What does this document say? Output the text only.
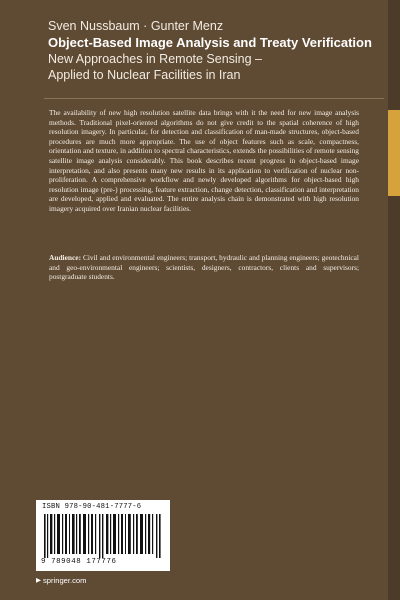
Sven Nussbaum · Gunter Menz
Object-Based Image Analysis and Treaty Verification
New Approaches in Remote Sensing –
Applied to Nuclear Facilities in Iran

The availability of new high resolution satellite data brings with it the need for new image analysis methods. Traditional pixel-oriented algorithms do not give credit to the spatial coherence of high resolution imagery. In particular, for detection and classification of man-made structures, object-based procedures are much more appropriate. The use of object features such as scale, compactness, orientation and texture, in addition to spectral characteristics, extends the possibilities of remote sensing satellite image analysis considerably. This book describes recent progress in object-based image interpretation, and also presents many new results in its application to verification of nuclear non-proliferation. A comprehensive workflow and newly developed algorithms for object-based high resolution image (pre-) processing, feature extraction, change detection, classification and interpretation are developed, applied and evaluated. The entire analysis chain is demonstrated with high resolution imagery acquired over Iranian nuclear facilities.

Audience: Civil and environmental engineers; transport, hydraulic and planning engineers; geotechnical and geo-environmental engineers; scientists, designers, contractors, clients and supervisors; postgraduate students.

ISBN 978-90-481-7777-6
9 789048 177776
▶ springer.com
